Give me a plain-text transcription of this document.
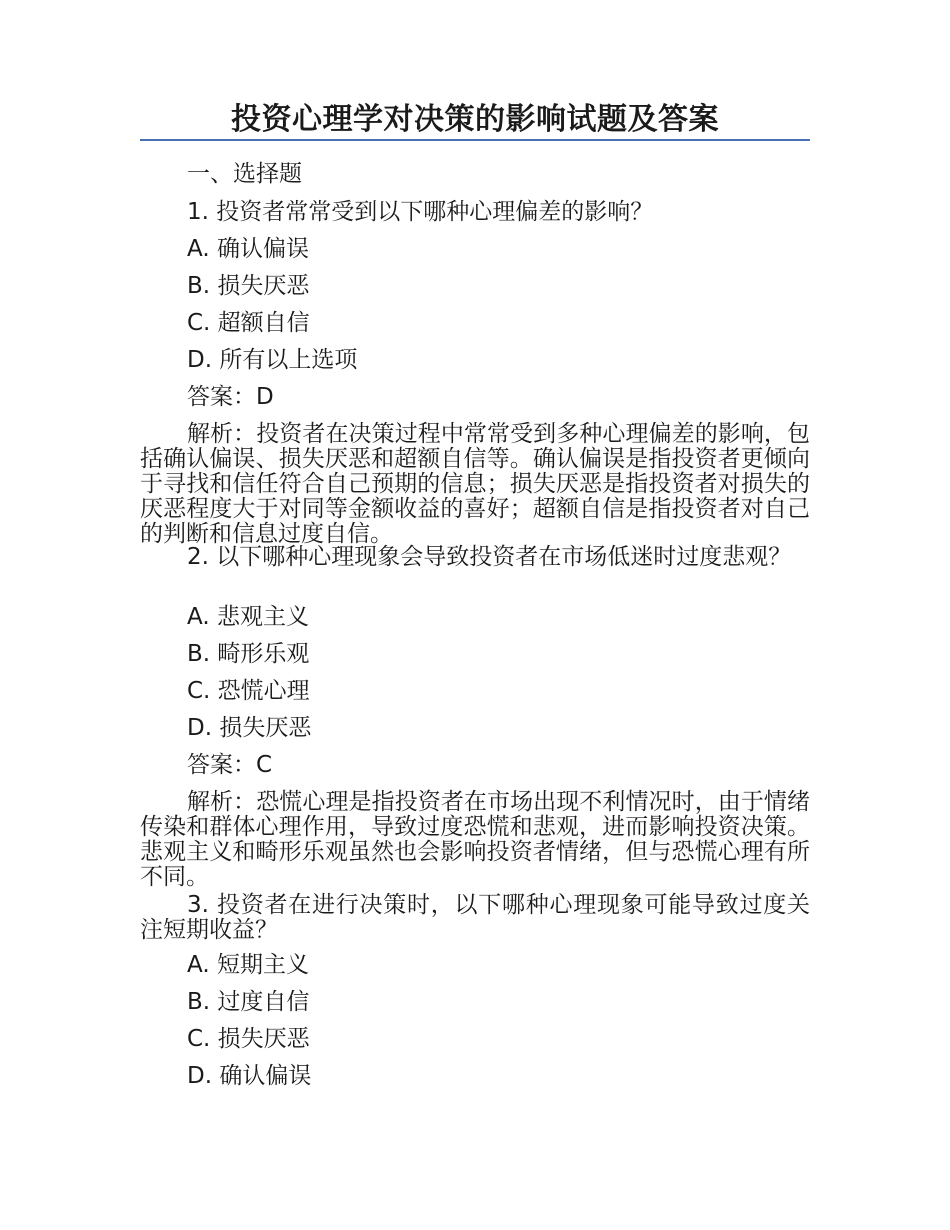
投资心理学对决策的影响试题及答案
一、选择题
1. 投资者常常受到以下哪种心理偏差的影响？
A. 确认偏误
B. 损失厌恶
C. 超额自信
D. 所有以上选项
答案：D
解析：投资者在决策过程中常常受到多种心理偏差的影响，包括确认偏误、损失厌恶和超额自信等。确认偏误是指投资者更倾向于寻找和信任符合自己预期的信息；损失厌恶是指投资者对损失的厌恶程度大于对同等金额收益的喜好；超额自信是指投资者对自己的判断和信息过度自信。
2. 以下哪种心理现象会导致投资者在市场低迷时过度悲观？
A. 悲观主义
B. 畸形乐观
C. 恐慌心理
D. 损失厌恶
答案：C
解析：恐慌心理是指投资者在市场出现不利情况时，由于情绪传染和群体心理作用，导致过度恐慌和悲观，进而影响投资决策。悲观主义和畸形乐观虽然也会影响投资者情绪，但与恐慌心理有所不同。
3. 投资者在进行决策时，以下哪种心理现象可能导致过度关注短期收益？
A. 短期主义
B. 过度自信
C. 损失厌恶
D. 确认偏误
